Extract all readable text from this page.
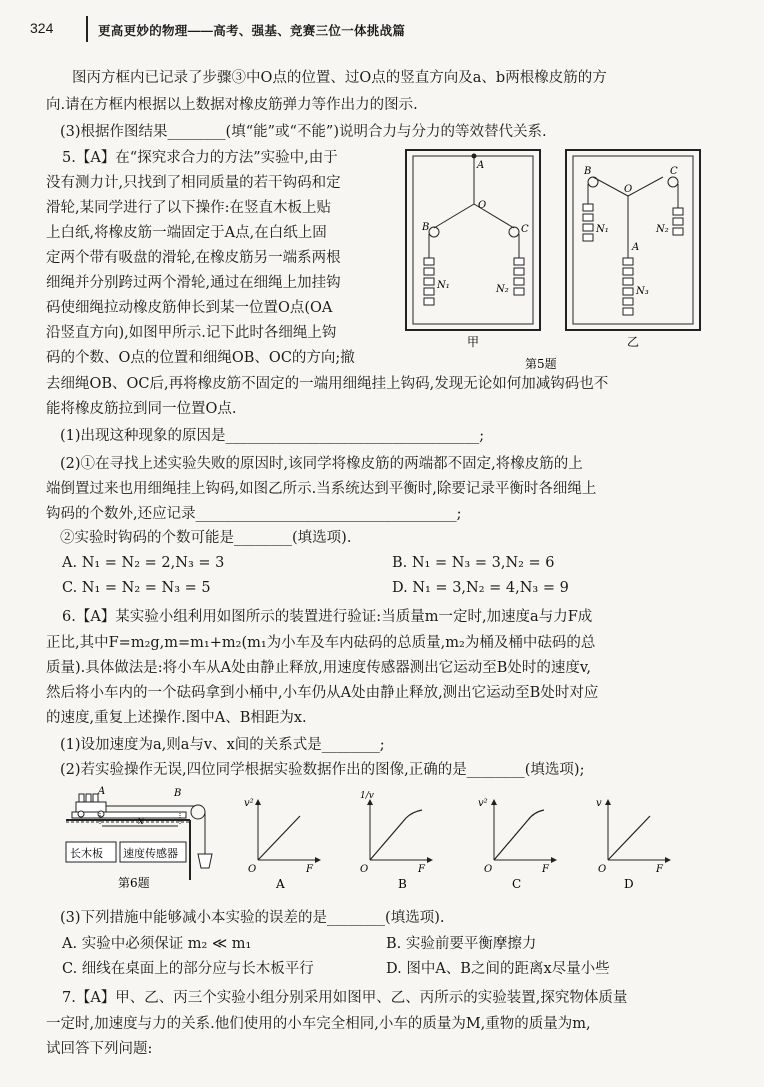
324	更高更妙的物理——高考、强基、竞赛三位一体挑战篇
图丙方框内已记录了步骤③中O点的位置、过O点的竖直方向及a、b两根橡皮筋的方
向.请在方框内根据以上数据对橡皮筋弹力等作出力的图示.
(3)根据作图结果________(填“能”或“不能”)说明合力与分力的等效替代关系.
5.【A】在“探究求合力的方法”实验中,由于
没有测力计,只找到了相同质量的若干钩码和定
滑轮,某同学进行了以下操作:在竖直木板上贴
上白纸,将橡皮筋一端固定于A点,在白纸上固
定两个带有吸盘的滑轮,在橡皮筋另一端系两根
细绳并分别跨过两个滑轮,通过在细绳上加挂钩
码使细绳拉动橡皮筋伸长到某一位置O点(OA
沿竖直方向),如图甲所示.记下此时各细绳上钩
码的个数、O点的位置和细绳OB、OC的方向;撤
去细绳OB、OC后,再将橡皮筋不固定的一端用细绳挂上钩码,发现无论如何加减钩码也不
能将橡皮筋拉到同一位置O点.
(1)出现这种现象的原因是___________________________________;
(2)①在寻找上述实验失败的原因时,该同学将橡皮筋的两端都不固定,将橡皮筋的上
端倒置过来也用细绳挂上钩码,如图乙所示.当系统达到平衡时,除要记录平衡时各细绳上
钩码的个数外,还应记录____________________________________;
②实验时钩码的个数可能是________(填选项).
A. N₁ = N₂ = 2,N₃ = 3	B. N₁ = N₃ = 3,N₂ = 6
C. N₁ = N₂ = N₃ = 5	D. N₁ = 3,N₂ = 4,N₃ = 9
6.【A】某实验小组利用如图所示的装置进行验证:当质量m一定时,加速度a与力F成
正比,其中F=m₂g,m=m₁+m₂(m₁为小车及车内砝码的总质量,m₂为桶及桶中砝码的总
质量).具体做法是:将小车从A处由静止释放,用速度传感器测出它运动至B处时的速度v,
然后将小车内的一个砝码拿到小桶中,小车仍从A处由静止释放,测出它运动至B处时对应
的速度,重复上述操作.图中A、B相距为x.
(1)设加速度为a,则a与v、x间的关系式是________;
(2)若实验操作无误,四位同学根据实验数据作出的图像,正确的是________(填选项);
(3)下列措施中能够减小本实验的误差的是________(填选项).
A. 实验中必须保证 m₂ ≪ m₁	B. 实验前要平衡摩擦力
C. 细线在桌面上的部分应与长木板平行	D. 图中A、B之间的距离x尽量小些
7.【A】甲、乙、丙三个实验小组分别采用如图甲、乙、丙所示的实验装置,探究物体质量
一定时,加速度与力的关系.他们使用的小车完全相同,小车的质量为M,重物的质量为m,
试回答下列问题:
A
O
B	C
N₁	N₂
甲
B
O
C
N₁	N₂
A
N₃
乙
第5题
A	B
x
长木板 速度传感器
第6题
v²
O	F
A
1/v
O	F
B
v²
O	F
C
v
O	F
D
